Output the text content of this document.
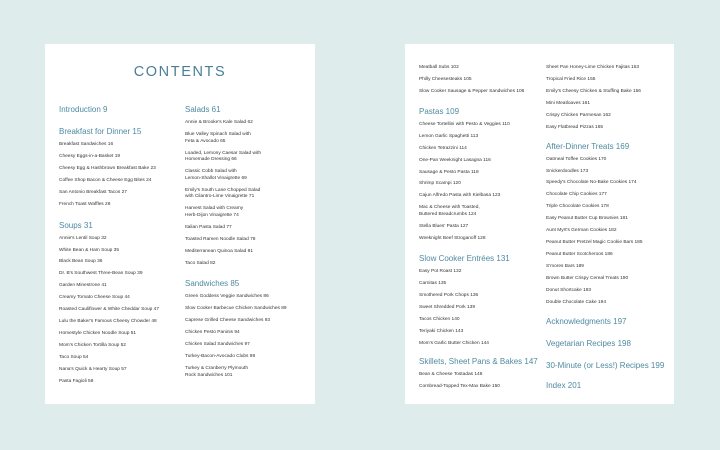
CONTENTS
Introduction 9
Breakfast for Dinner 15
Breakfast Sandwiches 16
Cheesy Eggs-in-a-Basket 19
Cheesy Egg & Hashbrown Breakfast Bake 23
Coffee Shop Bacon & Cheese Egg Bites 24
San Antonio Breakfast Tacos 27
French Toast Waffles 28
Soups 31
Annie's Lentil Soup 32
White Bean & Ham Soup 35
Black Bean Soup 36
Dr. B's Southwest Three-Bean Soup 39
Garden Minestrone 41
Creamy Tomato Cheese Soup 44
Roasted Cauliflower & White Cheddar Soup 47
Lulu the Baker's Famous Cheesy Chowder 48
Homestyle Chicken Noodle Soup 51
Mom's Chicken Tortilla Soup 52
Taco Soup 54
Nana's Quick & Hearty Soup 57
Pasta Fagioli 58
Salads 61
Annie & Brooke's Kale Salad 62
Blue Valley Spinach Salad with
Feta & Avocado 65
Loaded, Lemony Caesar Salad with
Homemade Dressing 66
Classic Cobb Salad with
Lemon-Shallot Vinaigrette 69
Emily's South Lane Chopped Salad
with Cilantro-Lime Vinaigrette 71
Harvest Salad with Creamy
Herb-Dijon Vinaigrette 74
Italian Pasta Salad 77
Toasted Ramen Noodle Salad 78
Mediterranean Quinoa Salad 81
Taco Salad 82
Sandwiches 85
Green Goddess Veggie Sandwiches 86
Slow Cooker Barbecue Chicken Sandwiches 89
Caprese Grilled Cheese Sandwiches 93
Chicken Pesto Paninis 94
Chicken Salad Sandwiches 97
Turkey-Bacon-Avocado Clubs 98
Turkey & Cranberry Plymouth
Rock Sandwiches 101
Meatball Subs 102
Philly Cheesesteaks 105
Slow Cooker Sausage & Pepper Sandwiches 106
Pastas 109
Cheese Tortellini with Pesto & Veggies 110
Lemon Garlic Spaghetti 113
Chicken Tetrazzini 114
One-Pan Weeknight Lasagna 116
Sausage & Pesto Pasta 118
Shrimp Scampi 120
Cajun Alfredo Pasta with Kielbasa 123
Mac & Cheese with Toasted,
Buttered Breadcrumbs 124
Stella Blues' Pasta 127
Weeknight Beef Stroganoff 128
Slow Cooker Entrées 131
Easy Pot Roast 132
Carnitas 135
Smothered Pork Chops 136
Sweet Shredded Pork 139
Tacos Chicken 140
Teriyaki Chicken 143
Mom's Garlic Butter Chicken 144
Skillets, Sheet Pans & Bakes 147
Bean & Cheese Tostadas 148
Cornbread-Topped Tex-Max Bake 150
Sheet Pan Honey-Lime Chicken Fajitas 153
Tropical Fried Rice 155
Emily's Cheesy Chicken & Stuffing Bake 156
Mini Meatloaves 161
Crispy Chicken Parmesan 162
Easy Flatbread Pizzas 165
After-Dinner Treats 169
Oatmeal Toffee Cookies 170
Snickerdoodles 173
Speedy's Chocolate No-Bake Cookies 174
Chocolate Chip Cookies 177
Triple Chocolate Cookies 178
Easy Peanut Butter Cup Brownies 181
Aunt Myrt's German Cookies 182
Peanut Butter Pretzel Magic Cookie Bars 185
Peanut Butter Scotcheroos 186
S'mores Bars 189
Brown Butter Crispy Cereal Treats 190
Donut Shortcake 193
Double Chocolate Cake 194
Acknowledgments 197
Vegetarian Recipes 198
30-Minute (or Less!) Recipes 199
Index 201
